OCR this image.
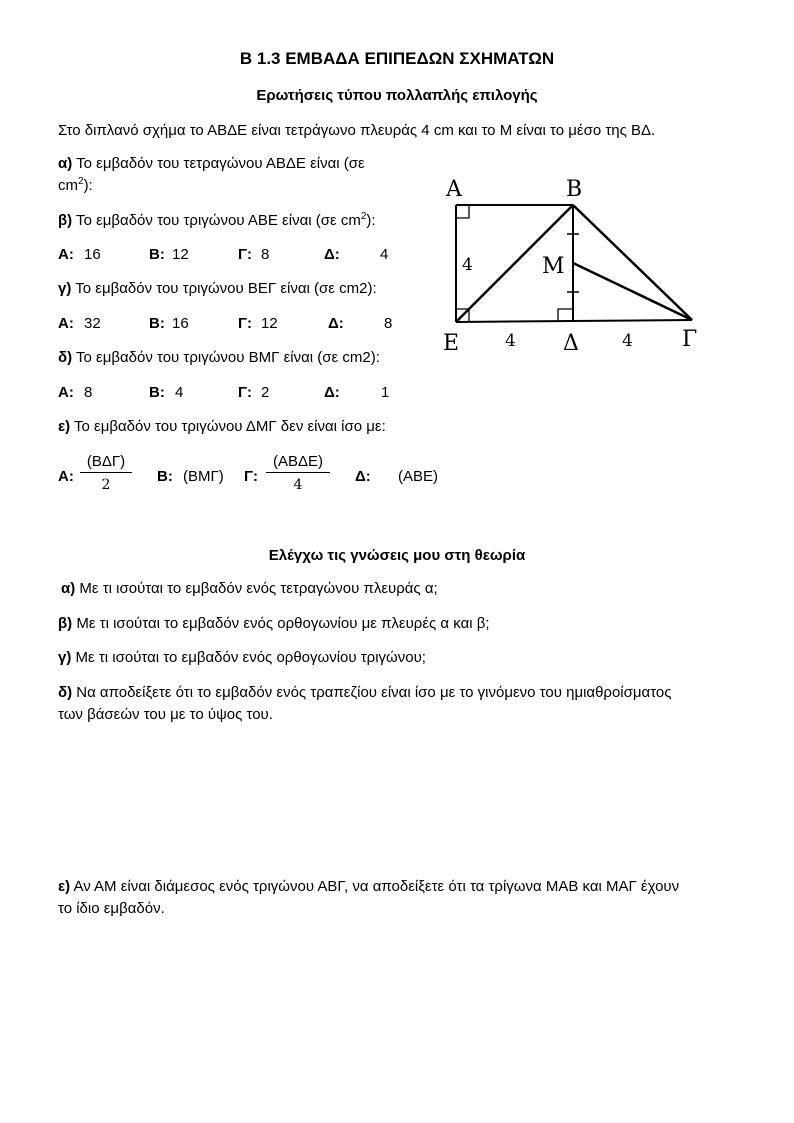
Β 1.3 ΕΜΒΑΔΑ ΕΠΙΠΕΔΩΝ ΣΧΗΜΑΤΩΝ
Ερωτήσεις τύπου πολλαπλής επιλογής
Στο διπλανό σχήμα το ΑΒΔΕ είναι τετράγωνο πλευράς 4 cm και το Μ είναι το μέσο της ΒΔ.
α) Το εμβαδόν του τετραγώνου ΑΒΔΕ είναι (σε
$cm^2$):
β) Το εμβαδόν του τριγώνου ΑΒΕ είναι (σε $cm^2$):
Α: 16	Β: 12	Γ: 8	Δ:	4
γ) Το εμβαδόν του τριγώνου ΒΕΓ είναι (σε cm2):
Α: 32	Β: 16	Γ: 12	Δ:	8
δ) Το εμβαδόν του τριγώνου ΒΜΓ είναι (σε cm2):
Α: 8	Β: 4	Γ: 2	Δ:	1
ε) Το εμβαδόν του τριγώνου ΔΜΓ δεν είναι ίσο με:
Α:
(ΒΔΓ)
2	Β: (ΒΜΓ) Γ:
(ΑΒΔΕ)
4	Δ: (ΑΒΕ)
A	B
M
E	Δ	Γ
4
4	4
Ελέγχω τις γνώσεις μου στη θεωρία
α) Με τι ισούται το εμβαδόν ενός τετραγώνου πλευράς α;
β) Με τι ισούται το εμβαδόν ενός ορθογωνίου με πλευρές α και β;
γ) Με τι ισούται το εμβαδόν ενός ορθογωνίου τριγώνου;
δ) Να αποδείξετε ότι το εμβαδόν ενός τραπεζίου είναι ίσο με το γινόμενο του ημιαθροίσματος
των βάσεών του με το ύψος του.
ε) Αν ΑΜ είναι διάμεσος ενός τριγώνου ΑΒΓ, να αποδείξετε ότι τα τρίγωνα ΜΑΒ και ΜΑΓ έχουν
το ίδιο εμβαδόν.
